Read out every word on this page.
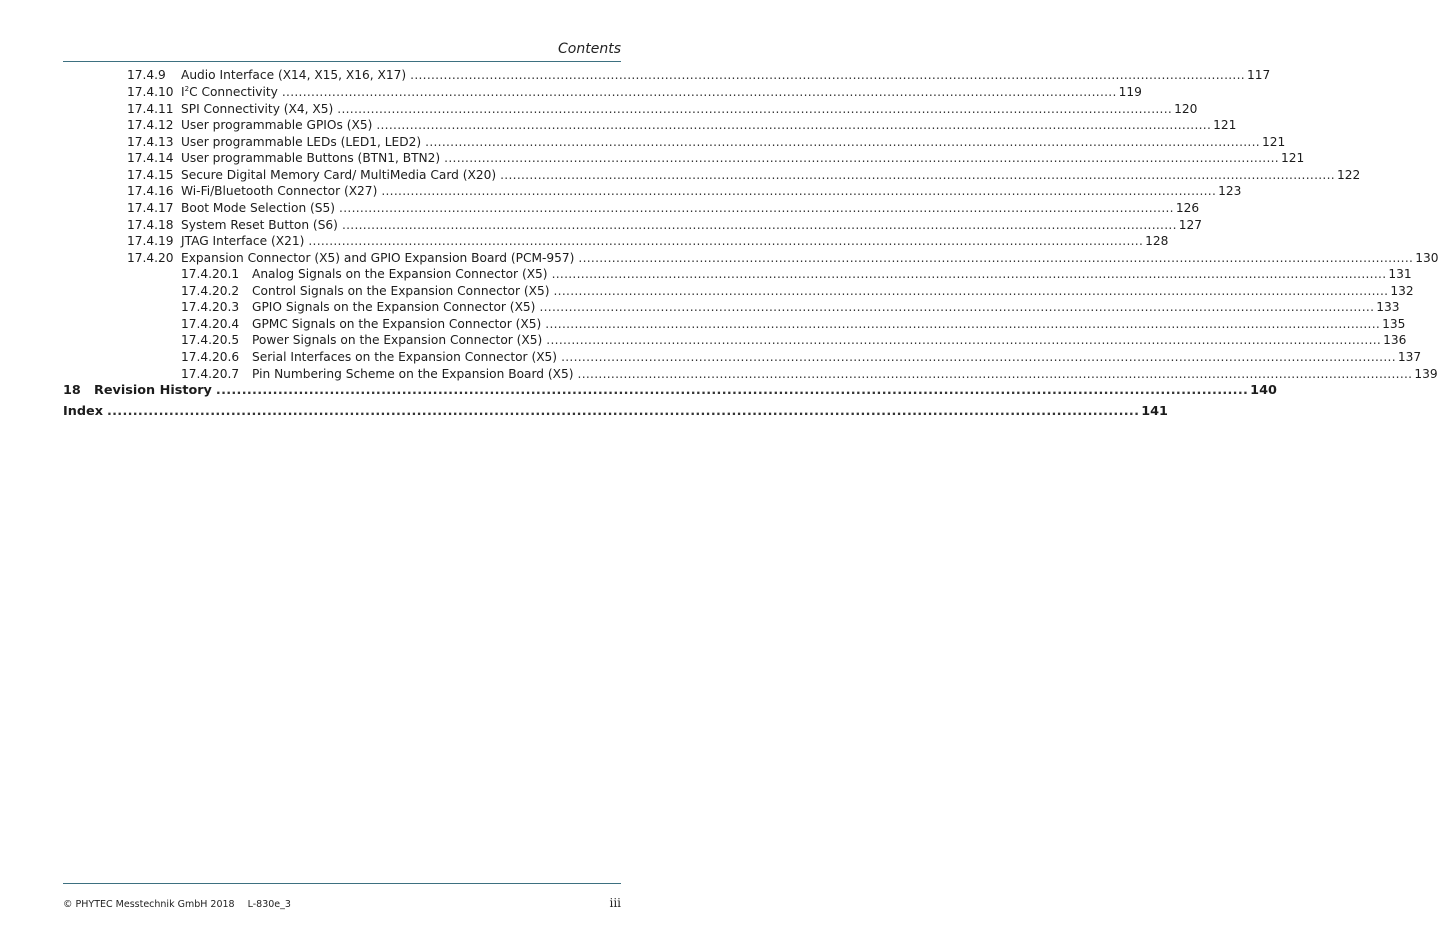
Contents
17.4.9	Audio Interface (X14, X15, X16, X17) ........................................................................................................................................................................................................ 117
17.4.10 $I^2C$ Connectivity ........................................................................................................................................................................................................ 119
17.4.11 SPI Connectivity (X4, X5) ........................................................................................................................................................................................................ 120
17.4.12 User programmable GPIOs (X5) ........................................................................................................................................................................................................ 121
17.4.13 User programmable LEDs (LED1, LED2) ........................................................................................................................................................................................................ 121
17.4.14 User programmable Buttons (BTN1, BTN2) ........................................................................................................................................................................................................ 121
17.4.15 Secure Digital Memory Card/ MultiMedia Card (X20) ........................................................................................................................................................................................................ 122
17.4.16 Wi-Fi/Bluetooth Connector (X27) ........................................................................................................................................................................................................ 123
17.4.17 Boot Mode Selection (S5) ........................................................................................................................................................................................................ 126
17.4.18 System Reset Button (S6) ........................................................................................................................................................................................................ 127
17.4.19 JTAG Interface (X21) ........................................................................................................................................................................................................ 128
17.4.20 Expansion Connector (X5) and GPIO Expansion Board (PCM-957) ........................................................................................................................................................................................................ 130
17.4.20.1	Analog Signals on the Expansion Connector (X5) ........................................................................................................................................................................................................ 131
17.4.20.2	Control Signals on the Expansion Connector (X5) ........................................................................................................................................................................................................ 132
17.4.20.3	GPIO Signals on the Expansion Connector (X5) ........................................................................................................................................................................................................ 133
17.4.20.4	GPMC Signals on the Expansion Connector (X5) ........................................................................................................................................................................................................ 135
17.4.20.5	Power Signals on the Expansion Connector (X5) ........................................................................................................................................................................................................ 136
17.4.20.6	Serial Interfaces on the Expansion Connector (X5) ........................................................................................................................................................................................................ 137
17.4.20.7	Pin Numbering Scheme on the Expansion Board (X5) ........................................................................................................................................................................................................ 139
18	Revision History ........................................................................................................................................................................................................ 140
Index ........................................................................................................................................................................................................ 141
© PHYTEC Messtechnik GmbH 2018 L-830e_3	iii
